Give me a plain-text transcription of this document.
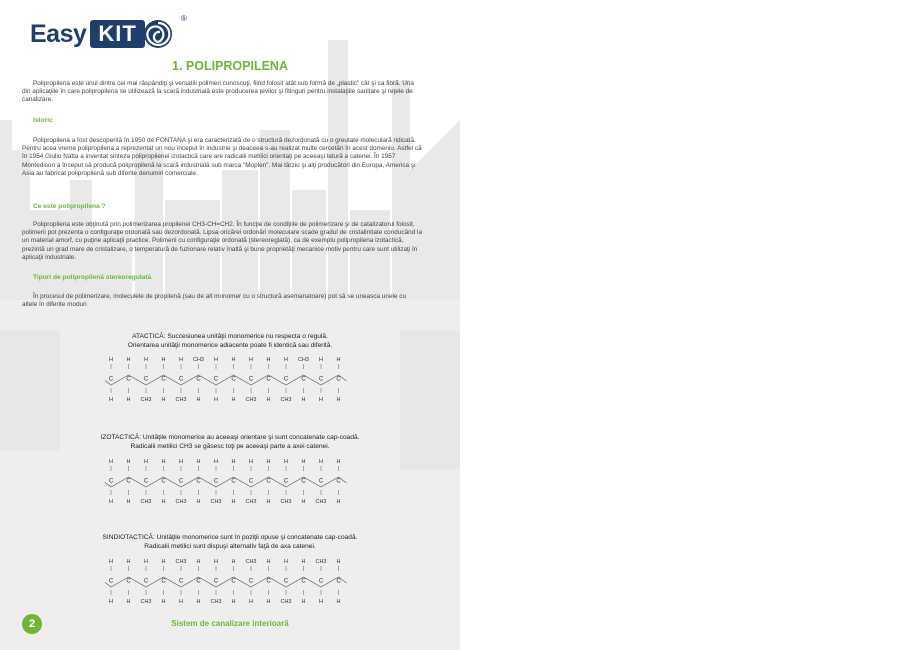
Easy KIT
®
1. POLIPROPILENA

Polipropilena este unul dintre cei mai răspândiţi şi versatili polimeri cunoscuţi, fiind folosit atât sub formă de „plastic" cât şi ca fibră. Una din aplicaţiile în care polipropilena se utilizează la scară industrială este producerea ţevilor şi fitinguri pentru instalaţiile sanitare şi reţele de canalizare.

Istoric

Polipropilena a fost descoperită în 1950 de FONTANA şi era caracterizată de o structură dezordonată cu o greutate moleculară ridicată. Pentru acea vreme polipropilena a reprezentat un nou început în industrie şi deaceea s-au realizat multe cercetări în acest domeniu. Astfel că în 1954 Giulio Natta a inventat sinteza polipropilenei izotactică care are radicalii metilici orientaţi pe aceeaşi latură a catenei. În 1957 Montedison a început să producă polipropilenă la scară industrială sub marca "Moplen". Mai târziu şi alţi producători din Europa, America şi Asia au fabricat polipropilenă sub diferite denumiri comerciale.

Ce este polipropilena ?

Polipropilena este obţinută prin polimerizarea propilenei CH3-CH=CH2. În funcţie de condiţiile de polimerizare şi de catalizatorul folosit, polimerii pot prezenta o configuraţie ordonată sau dezordonată. Lipsa oricărei ordonări moleculare scade gradul de cristalinitate conducând la un material amorf, cu puţine aplicaţii practice. Polimerii cu configuraţie ordonată (stereoreglată), ca de exemplu polipropilena izotactică, prezintă un grad mare de cristalizare, o temperatură de fuzionare relativ înaltă şi bune proprietăţi mecanice motiv pentru care sunt utilizaţi în aplicaţii industriale.

Tipuri de polipropilenă stereoregulată

În procesul de polimerizare, moleculele de propilenă (sau de alt monomer cu o structură asemanatoare) pot să se uneasca unele cu altele în diferite moduri

ATACTICĂ: Succesiunea unităţii monomerice nu respecta o regulă.
Orientarea unităţii monomerice adiacente poate fi identică sau diferită.
C
H
H
C
H
H
C
H
CH3
C
H
H
C
H
CH3
C
CH3
H
C
H
H
C
H
H
C
H
CH3
C
H
H
C
H
CH3
C
CH3
H
C
H
H
C
H
H
IZOTACTICĂ: Unităţile monomerice au aceeaşi orientare şi sunt concatenate cap-coadă.
Radicalii metilici CH3 se găsesc toţi pe aceeaşi parte a axei catenei.
C
H
H
C
H
H
C
H
CH3
C
H
H
C
H
CH3
C
H
H
C
H
CH3
C
H
H
C
H
CH3
C
H
H
C
H
CH3
C
H
H
C
H
CH3
C
H
H
SINDIOTACTICĂ: Unităţile monomerice sunt în poziţii opuse şi concatenate cap-coadă.
Radicalii metilici sunt dispuşi alternativ faţă de axa catenei.
C
H
H
C
H
H
C
H
CH3
C
H
H
C
CH3
H
C
H
H
C
H
CH3
C
H
H
C
CH3
H
C
H
H
C
H
CH3
C
H
H
C
CH3
H
C
H
H
2	Sistem de canalizare interioară
